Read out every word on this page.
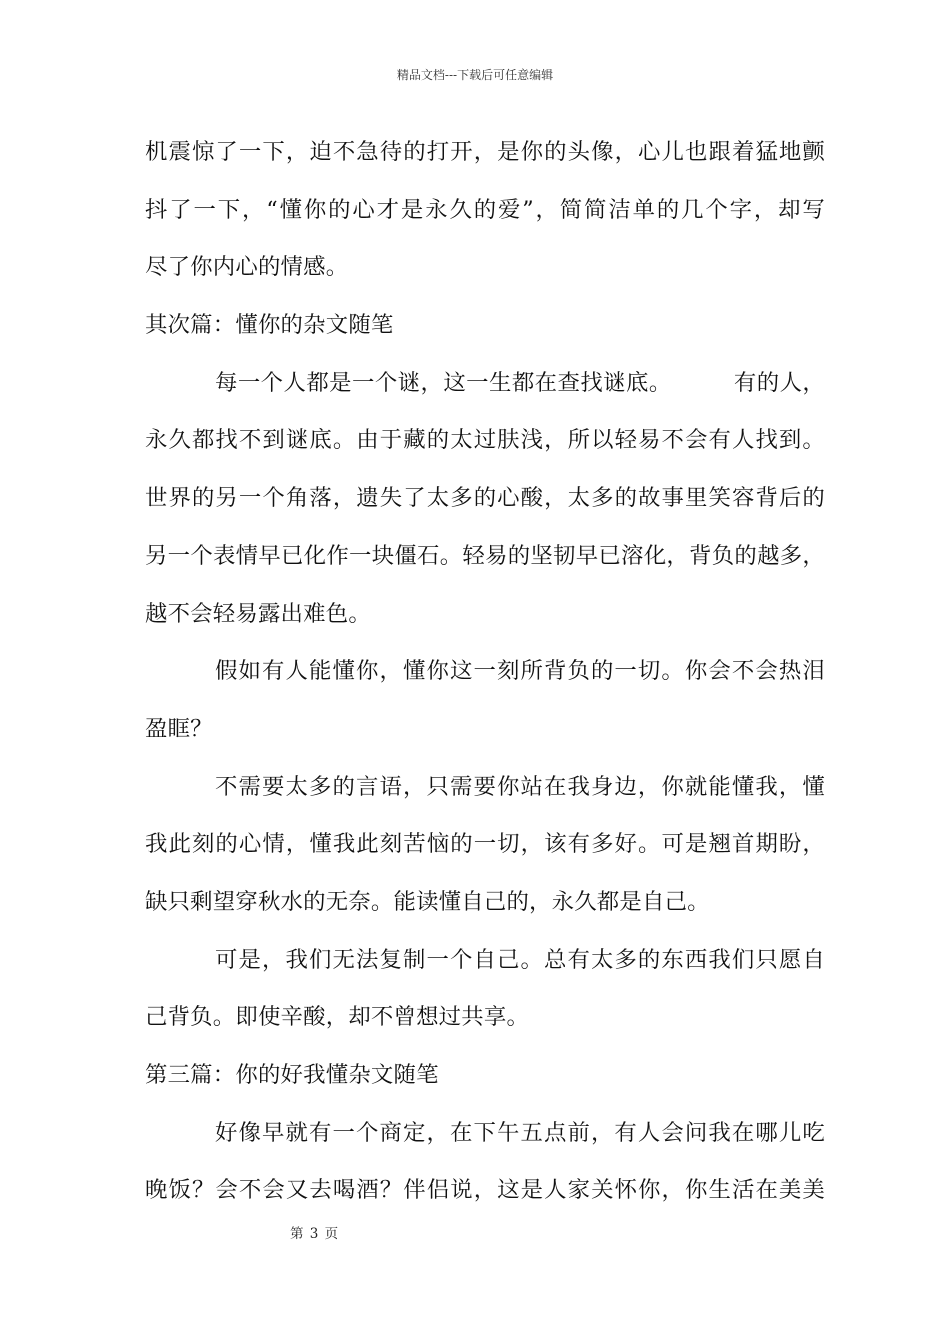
精品文档---下载后可任意编辑
机震惊了一下，迫不急待的打开，是你的头像，心儿也跟着猛地颤
抖了一下，“懂你的心才是永久的爱”，简简洁单的几个字，却写
尽了你内心的情感。
其次篇：懂你的杂文随笔
每一个人都是一个谜，这一生都在查找谜底。	有的人，
永久都找不到谜底。由于藏的太过肤浅，所以轻易不会有人找到。
世界的另一个角落，遗失了太多的心酸，太多的故事里笑容背后的
另一个表情早已化作一块僵石。轻易的坚韧早已溶化，背负的越多，
越不会轻易露出难色。
假如有人能懂你，懂你这一刻所背负的一切。你会不会热泪
盈眶？
不需要太多的言语，只需要你站在我身边，你就能懂我，懂
我此刻的心情，懂我此刻苦恼的一切，该有多好。可是翘首期盼，
缺只剩望穿秋水的无奈。能读懂自己的，永久都是自己。
可是，我们无法复制一个自己。总有太多的东西我们只愿自
己背负。即使辛酸，却不曾想过共享。
第三篇：你的好我懂杂文随笔
好像早就有一个商定，在下午五点前，有人会问我在哪儿吃
晚饭？会不会又去喝酒？伴侣说，这是人家关怀你，你生活在美美
第 3 页
